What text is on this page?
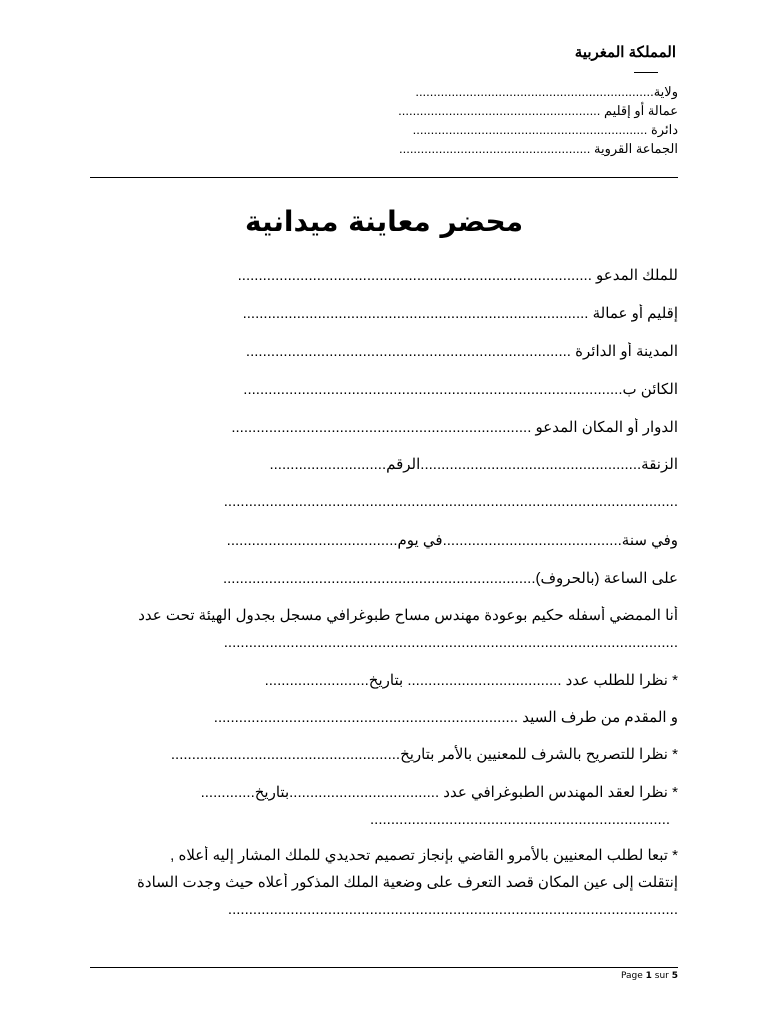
المملكة المغربية
ولاية..................................................................
عمالة أو إقليم ........................................................
دائرة .................................................................
الجماعة القروية .....................................................
محضر معاينة ميدانية
للملك المدعو .....................................................................................
إقليم أو عمالة ...................................................................................
المدينة أو الدائرة ..............................................................................
الكائن ب...........................................................................................
الدوار أو المكان المدعو ........................................................................
الزنقة.....................................................الرقم............................
.............................................................................................................
وفي سنة...........................................في يوم.........................................
على الساعة (بالحروف)...........................................................................
أنا الممضي أسفله حكيم بوعودة مهندس مساح طبوغرافي مسجل بجدول الهيئة تحت عدد
.............................................................................................................
* نظرا للطلب عدد ..................................... بتاريخ.........................
و المقدم من طرف السيد .........................................................................
* نظرا للتصريح بالشرف للمعنيين بالأمر بتاريخ.......................................................
* نظرا لعقد المهندس الطبوغرافي عدد ....................................بتاريخ.............
........................................................................
* تبعا لطلب المعنيين بالأمرو القاضي بإنجاز تصميم تحديدي للملك المشار إليه أعلاه ,
إنتقلت إلى عين المكان قصد التعرف على وضعية الملك المذكور أعلاه حيث وجدت السادة
............................................................................................................
Page 1 sur 5
